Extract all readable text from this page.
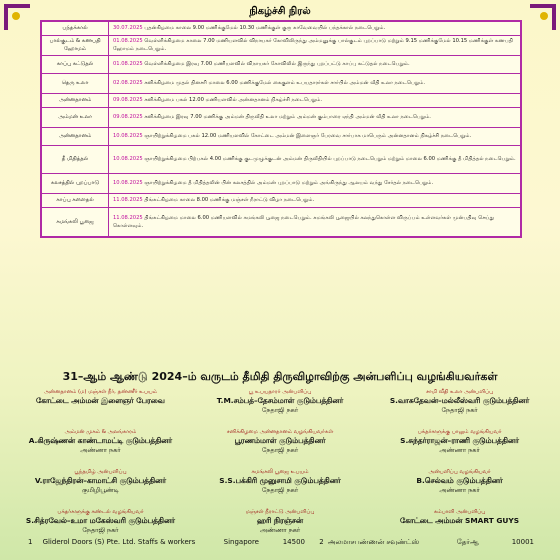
நிகழ்ச்சி நிரல்
பந்தக்கால்	30.07.2025 புதன்கிழமை காலை 9.00 மணிக்குமேல் 10.30 மணிக்குள் குரு காவேவையில் பந்தக்கால் நடைபெறும்.
பால்குடம் & கணபதி ஹோமம்	01.08.2025 வெள்ளிக்கிழமை காலை 7.00 மணியளவில் விநாயகர் கோவிலிருந்து அம்மனுக்கு பால்குடம் புறப்பாடு மற்றும் 9.15 மணிக்குமேல் 10.15 மணிக்குள் கணபதி ஹோமம் நடைபெறும்.
காப்பு கட்டுதல்	01.08.2025 வெள்ளிக்கிழமை இரவு 7.00 மணியளவில் விநாயகர் கோவிலில் இருந்து புறப்பட்டு காப்பு கட்டுதல் நடைபெறும்.
தெரு உலா	02.08.2025 சனிக்கிழமை முதல் தினசரி மாலை 6.00 மணிக்குமேல் கைகுளம் உபயதாரர்கள் சார்பில் அம்மன் வீதி உலா நடைபெறும்.
அன்னதானம்	09.08.2025 சனிக்கிழமை பகல் 12.00 மணியளவில் அன்னதானம் நிகழ்ச்சி நடைபெறும்.
அம்மன் உலா	09.08.2025 சனிக்கிழமை இரவு 7.00 மணிக்கு அம்மன் திருவீதி உலா மற்றும் அம்மன் கும்பாரை ஏந்தி அம்மன் வீதி உலா நடைபெறும்.
அன்னதானம்	10.08.2025 ஞாயிற்றுக்கிழமை பகல் 12.00 மணியளவில் கோட்டை அம்மன் இளைஞர் பேரவை சார்பாக மாபெரும் அன்னதானம் நிகழ்ச்சி நடைபெறும்.
தீ மிதித்தல்	10.08.2025 ஞாயிற்றுக்கிழமை பிற்பகல் 4.00 மணிக்கு குடமுழுக்குடன் அம்மன் திருவீதியில் புறப்பாடு நடைபெறும் மற்றும் மாலை 6.00 மணிக்கு தீ மிதித்தல் நடைபெறும்.
கலசத்தில் புறப்பாடு	10.08.2025 ஞாயிற்றுக்கிழமை தீ மிதித்தலின் பின் கலசத்தில் அம்மன் புறப்பாடு மற்றும் அங்கிருந்து ஆலயம் வந்து சேர்தல் நடைபெறும்.
காப்பு களைதல்	11.08.2025 திங்கட்கிழமை காலை 8.00 மணிக்கு மஞ்சள் நீராட்டு விழா நடைபெறும்.
சுமங்கலி பூஜை	11.08.2025 திங்கட்கிழமை மாலை 6.00 மணியளவில் சுமங்கலி பூஜை நடைபெறும். சுமங்கலி பூஜையில் கலந்துகொள்ள விருப்பம் உள்ளவர்கள் முன்பதிவு செய்து கொள்ளவும்.
31–ஆம் ஆண்டு 2024–ம் வருடம் தீமிதி திருவிழாவிற்கு அன்பளிப்பு வழங்கியவர்கள்
அன்னதானம் (ம) மஞ்சள் நீர், தண்ணீர் உபயம்
கோட்டை அம்மன் இளைஞர் பேரவை
பூ உபயதாரர் அன்பளிப்பு
T.M.சம்பத்–தேசம்மாள் குடும்பத்தினர்
நேதாஜி நகர்
சாமி வீதி உலா அன்பளிப்பு
S.வாசுதேவன்–மல்லீஸ்வரி குடும்பத்தினர்
நேதாஜி நகர்
அம்மன் முகம் & அலங்காரம்
A.கிருஷ்ணன் காண்டாமட்டி குடும்பத்தினர்
அண்ணா நகர்
சனிக்கிழமை அன்னதானம் வழங்கியவர்கள்
பூரணம்மாள் குடும்பத்தினர்
நேதாஜி நகர்
பக்தர்களுக்கு பாலும் வழங்கியவர்
S.சுந்தர்ராஜன்–ராணி குடும்பத்தினர்
அண்ணா நகர்
பூந்தமிழ் அன்பளிப்பு
V.ராஜேந்திரன்–காமாட்சி குடும்பத்தினர்
குமிழிபூண்டி
சுமங்கலி பூஜை உபயம்
S.S.பக்கிரி முனுசாமி குடும்பத்தினர்
நேதாஜி நகர்
அன்பளிப்பு வழங்கியவர்
B.செல்வம் குடும்பத்தினர்
அண்ணா நகர்
பக்தர்களுக்கு சுண்டல் வழங்கியவர்
S.சித்ரவேல்–உமா மகேஸ்வரி குடும்பத்தினர்
நேதாஜி நகர்
மஞ்சள் நீராட்டு அன்பளிப்பு
ஹரி நிரஞ்சன்
அண்ணா நகர்
கம்பாளி அன்பளிப்பு
கோட்டை அம்மன் SMART GUYS
1	Gliderol Doors (S) Pte. Ltd. Staffs & workers	Singapore	14500	2	அலமாசபண்ணன் சவுண்ட்ஸ்	தேர்ஆ	10001
